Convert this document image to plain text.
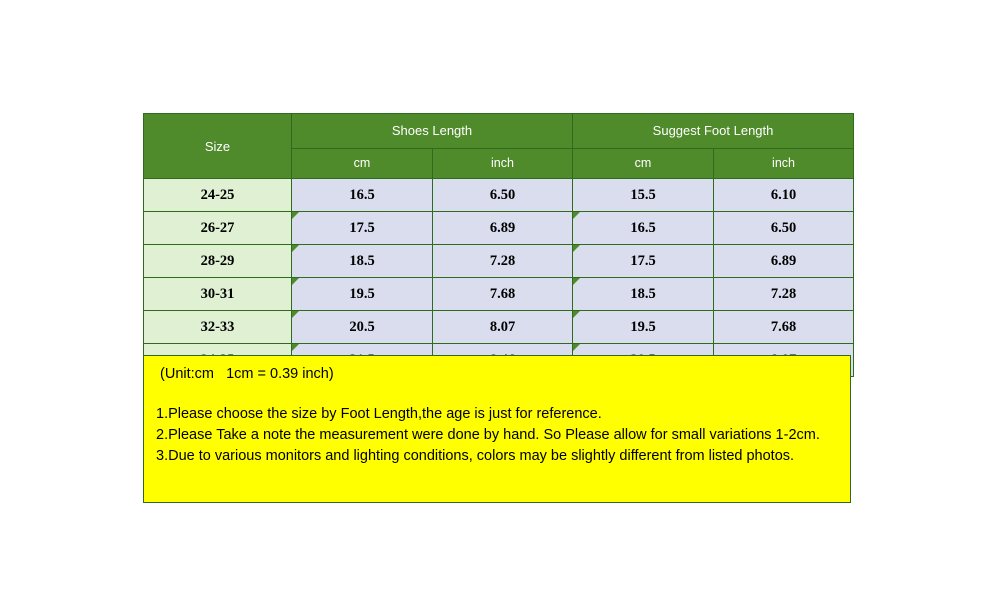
Size	Shoes Length		Suggest Foot Length	
	cm	inch	cm	inch
24-25	16.5	6.50	15.5	6.10
26-27	17.5	6.89	16.5	6.50
28-29	18.5	7.28	17.5	6.89
30-31	19.5	7.68	18.5	7.28
32-33	20.5	8.07	19.5	7.68

(Unit:cm   1cm = 0.39 inch)
1.Please choose the size by Foot Length,the age is just for reference.
2.Please Take a note the measurement were done by hand. So Please allow for small variations 1-2cm.
3.Due to various monitors and lighting conditions, colors may be slightly different from listed photos.
